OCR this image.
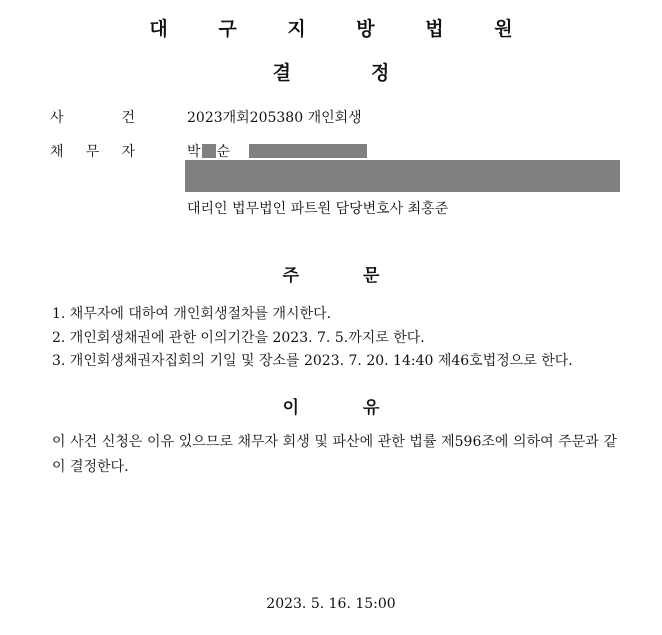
대 구 지 방 법 원
결	정
사	건	2023개회205380 개인회생
채 무 자	박 순
대리인 법무법인 파트원 담당변호사 최홍준
주	문
1. 채무자에 대하여 개인회생절차를 개시한다.
2. 개인회생채권에 관한 이의기간을 2023. 7. 5.까지로 한다.
3. 개인회생채권자집회의 기일 및 장소를 2023. 7. 20. 14:40 제46호법정으로 한다.
이	유
이 사건 신청은 이유 있으므로 채무자 회생 및 파산에 관한 법률 제596조에 의하여 주문과 같이 결정한다.
2023. 5. 16. 15:00
